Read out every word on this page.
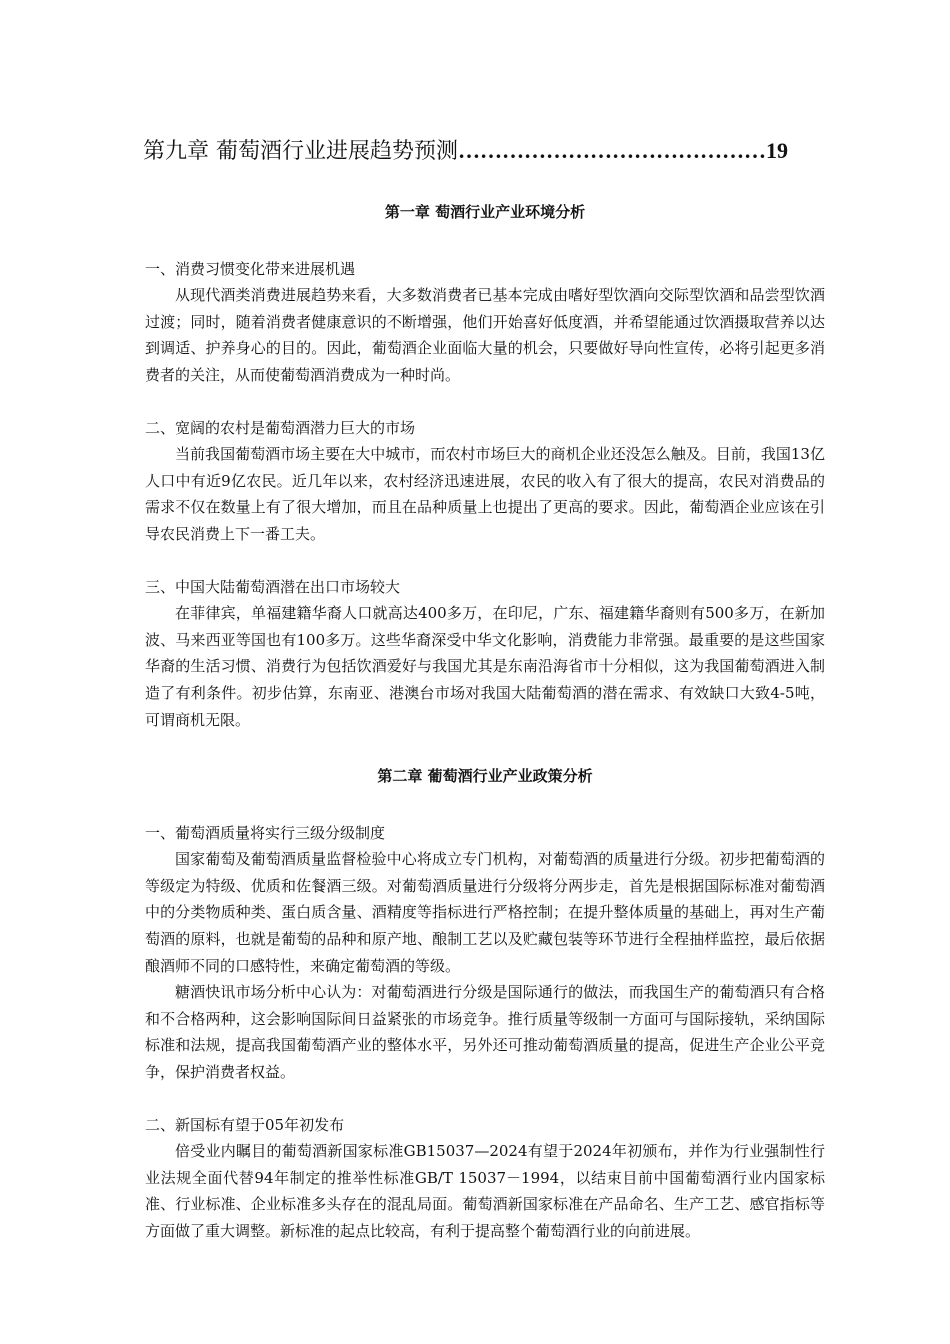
第九章 葡萄酒行业进展趋势预测……………………………………19

第一章 萄酒行业产业环境分析

一、消费习惯变化带来进展机遇

从现代酒类消费进展趋势来看，大多数消费者已基本完成由嗜好型饮酒向交际型饮酒和品尝型饮酒过渡；同时，随着消费者健康意识的不断增强，他们开始喜好低度酒，并希望能通过饮酒摄取营养以达到调适、护养身心的目的。因此，葡萄酒企业面临大量的机会，只要做好导向性宣传，必将引起更多消费者的关注，从而使葡萄酒消费成为一种时尚。

二、宽阔的农村是葡萄酒潜力巨大的市场

当前我国葡萄酒市场主要在大中城市，而农村市场巨大的商机企业还没怎么触及。目前，我国13亿人口中有近9亿农民。近几年以来，农村经济迅速进展，农民的收入有了很大的提高，农民对消费品的需求不仅在数量上有了很大增加，而且在品种质量上也提出了更高的要求。因此，葡萄酒企业应该在引导农民消费上下一番工夫。

三、中国大陆葡萄酒潜在出口市场较大

在菲律宾，单福建籍华裔人口就高达400多万，在印尼，广东、福建籍华裔则有500多万，在新加波、马来西亚等国也有100多万。这些华裔深受中华文化影响，消费能力非常强。最重要的是这些国家华裔的生活习惯、消费行为包括饮酒爱好与我国尤其是东南沿海省市十分相似，这为我国葡萄酒进入制造了有利条件。初步估算，东南亚、港澳台市场对我国大陆葡萄酒的潜在需求、有效缺口大致4-5吨，可谓商机无限。

第二章 葡萄酒行业产业政策分析

一、葡萄酒质量将实行三级分级制度

国家葡萄及葡萄酒质量监督检验中心将成立专门机构，对葡萄酒的质量进行分级。初步把葡萄酒的等级定为特级、优质和佐餐酒三级。对葡萄酒质量进行分级将分两步走，首先是根据国际标准对葡萄酒中的分类物质种类、蛋白质含量、酒精度等指标进行严格控制；在提升整体质量的基础上，再对生产葡萄酒的原料，也就是葡萄的品种和原产地、酿制工艺以及贮藏包装等环节进行全程抽样监控，最后依据酿酒师不同的口感特性，来确定葡萄酒的等级。

糖酒快讯市场分析中心认为：对葡萄酒进行分级是国际通行的做法，而我国生产的葡萄酒只有合格和不合格两种，这会影响国际间日益紧张的市场竞争。推行质量等级制一方面可与国际接轨，采纳国际标准和法规，提高我国葡萄酒产业的整体水平，另外还可推动葡萄酒质量的提高，促进生产企业公平竞争，保护消费者权益。

二、新国标有望于05年初发布

倍受业内瞩目的葡萄酒新国家标准GB15037—2024有望于2024年初颁布，并作为行业强制性行业法规全面代替94年制定的推举性标准GB/T 15037－1994，以结束目前中国葡萄酒行业内国家标准、行业标准、企业标准多头存在的混乱局面。葡萄酒新国家标准在产品命名、生产工艺、感官指标等方面做了重大调整。新标准的起点比较高，有利于提高整个葡萄酒行业的向前进展。
